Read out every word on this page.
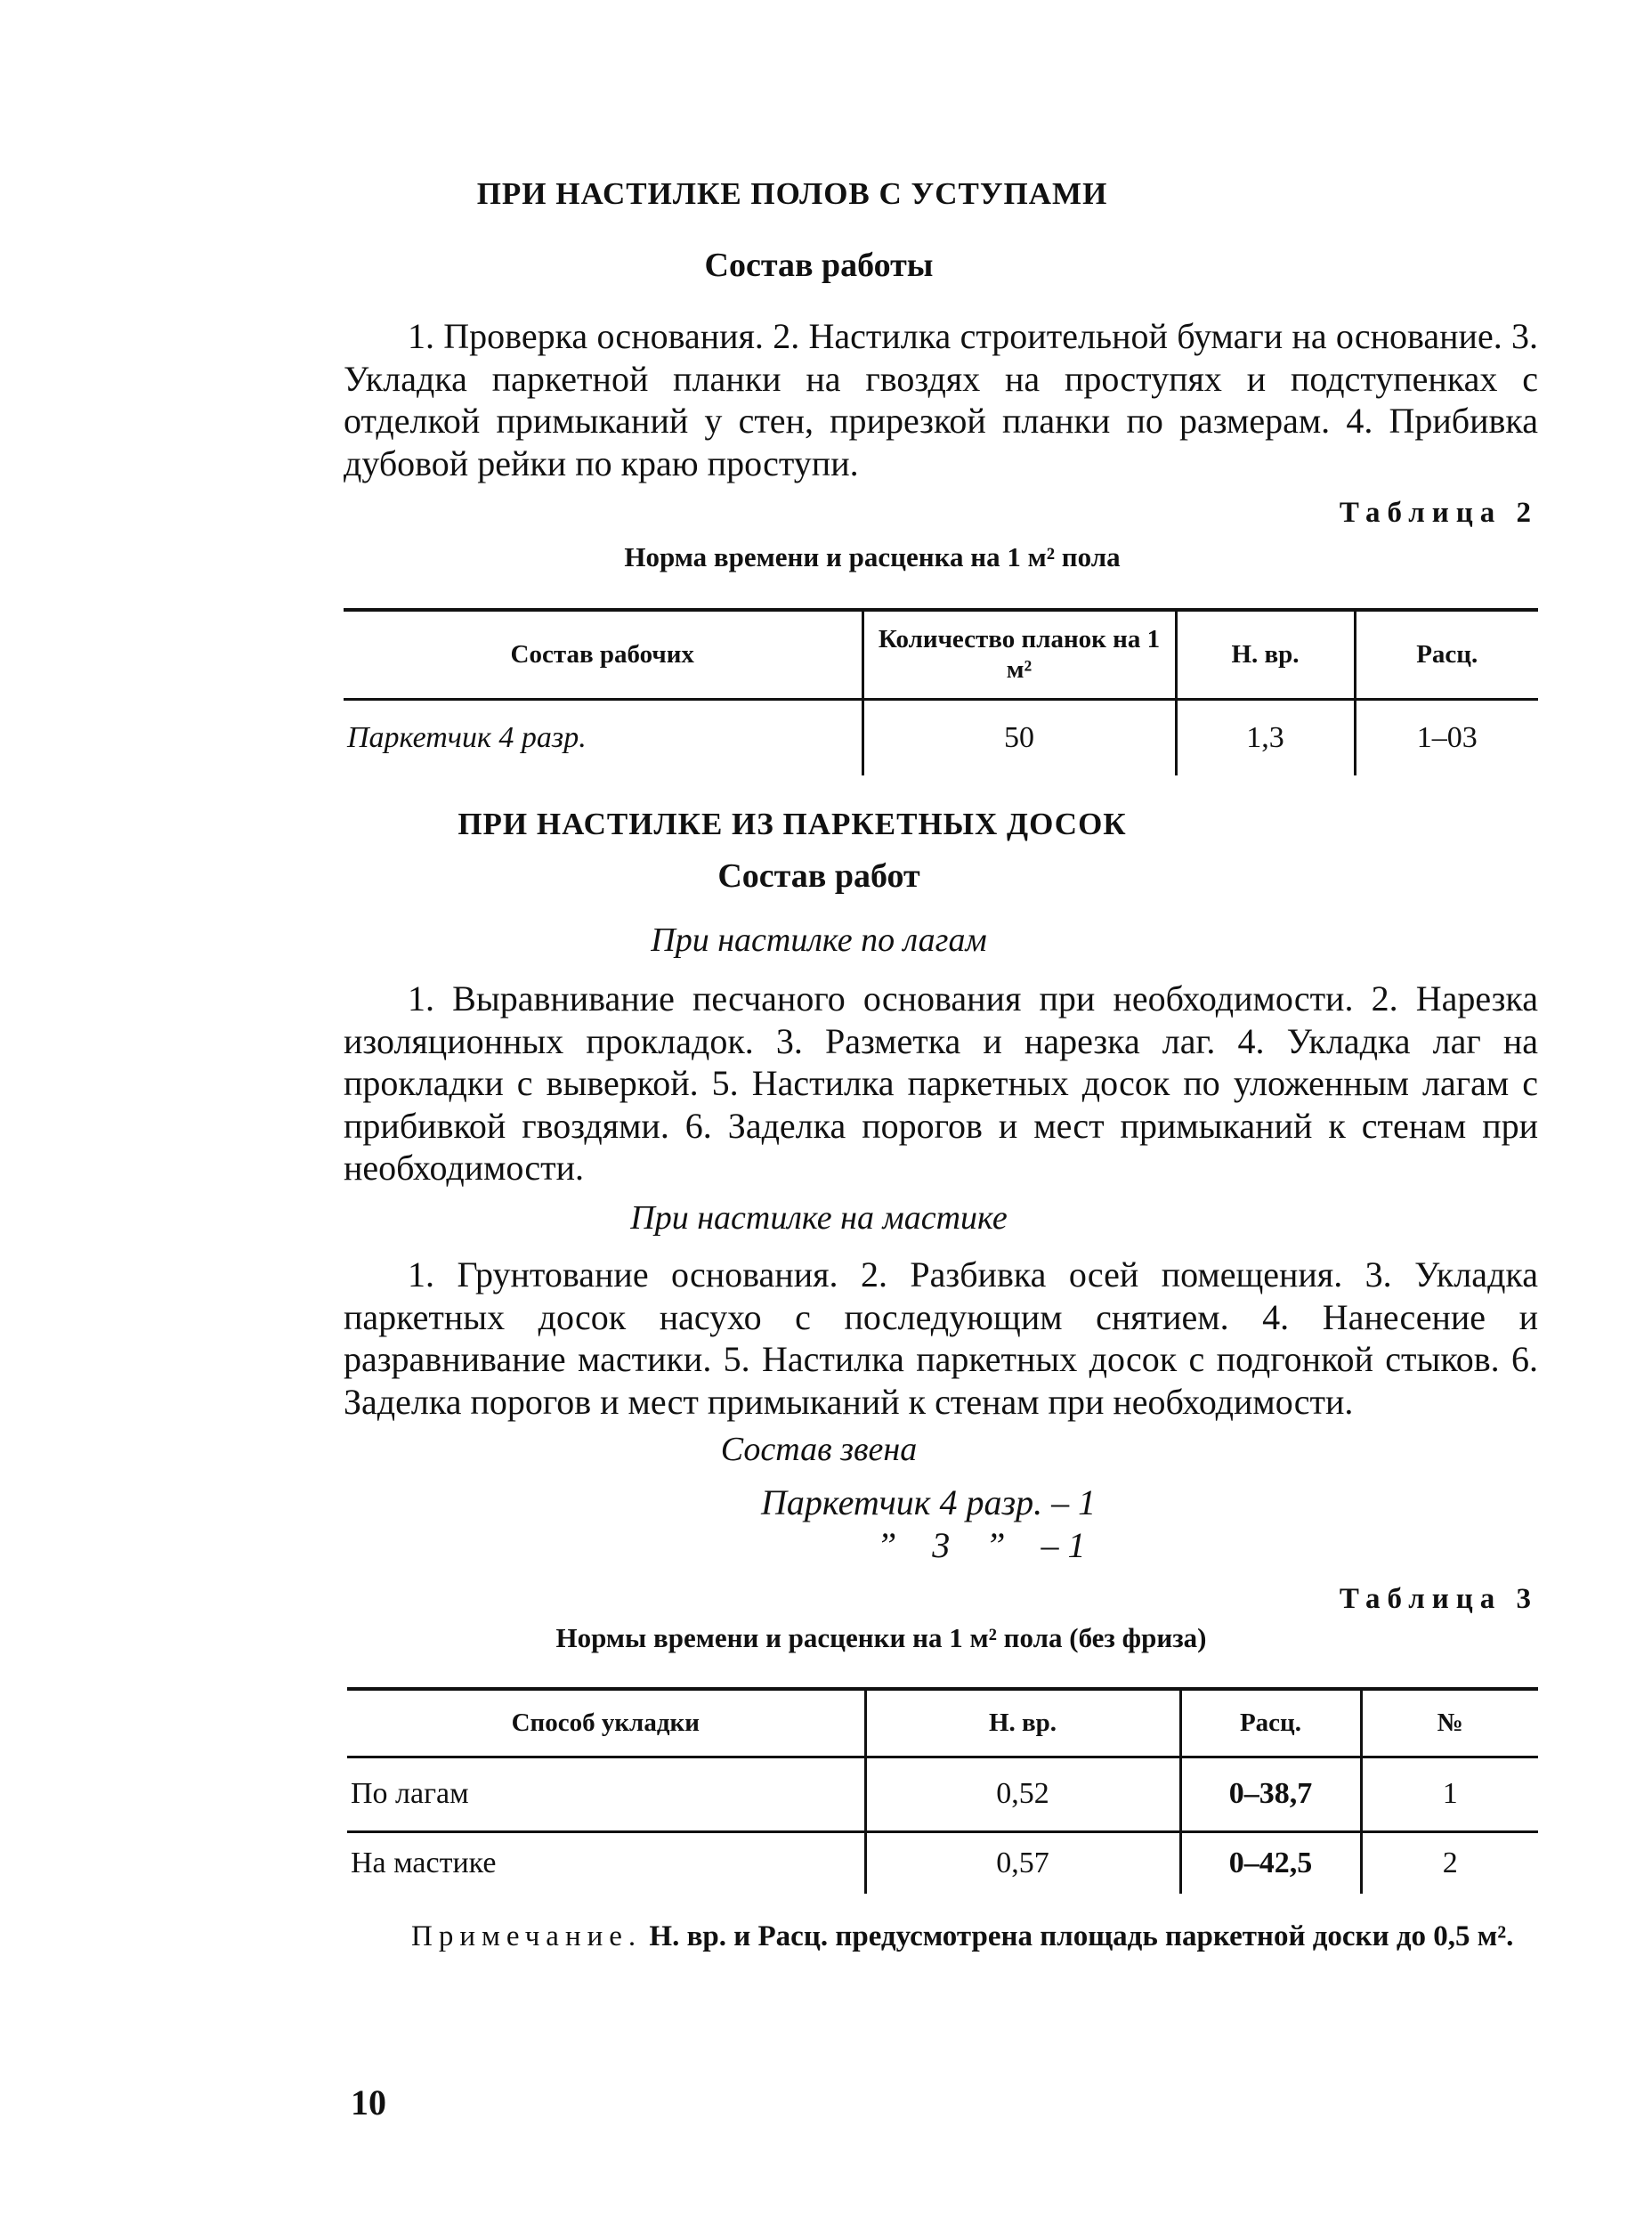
ПРИ НАСТИЛКЕ ПОЛОВ С УСТУПАМИ
Состав работы

1. Проверка основания. 2. Настилка строительной бумаги на основание. 3. Укладка паркетной планки на гвоздях на проступях и подступенках с отделкой примыканий у стен, прирезкой планки по размерам. 4. Прибивка дубовой рейки по краю проступи.

Таблица 2
Норма времени и расценка на 1 м² пола
Состав рабочих	Количество планок на 1 м²	Н. вр.	Расц.
Паркетчик 4 разр.	50	1,3	1–03
ПРИ НАСТИЛКЕ ИЗ ПАРКЕТНЫХ ДОСОК
Состав работ
При настилке по лагам

1. Выравнивание песчаного основания при необходимости. 2. Нарезка изоляционных прокладок. 3. Разметка и нарезка лаг. 4. Укладка лаг на прокладки с выверкой. 5. Настилка паркетных досок по уложенным лагам с прибивкой гвоздями. 6. Заделка порогов и мест примыканий к стенам при необходимости.

При настилке на мастике

1. Грунтование основания. 2. Разбивка осей помещения. 3. Укладка паркетных досок насухо с последующим снятием. 4. Нанесение и разравнивание мастики. 5. Настилка паркетных досок с подгонкой стыков. 6. Заделка порогов и мест примыканий к стенам при необходимости.

Состав звена
Паркетчик 4 разр. – 1
”    3    ”    – 1
Таблица 3
Нормы времени и расценки на 1 м² пола (без фриза)
Способ укладки	Н. вр.	Расц.	№
По лагам	0,52	0–38,7	1
На мастике	0,57	0–42,5	2

Примечание. Н. вр. и Расц. предусмотрена площадь паркетной доски до 0,5 м².

10
